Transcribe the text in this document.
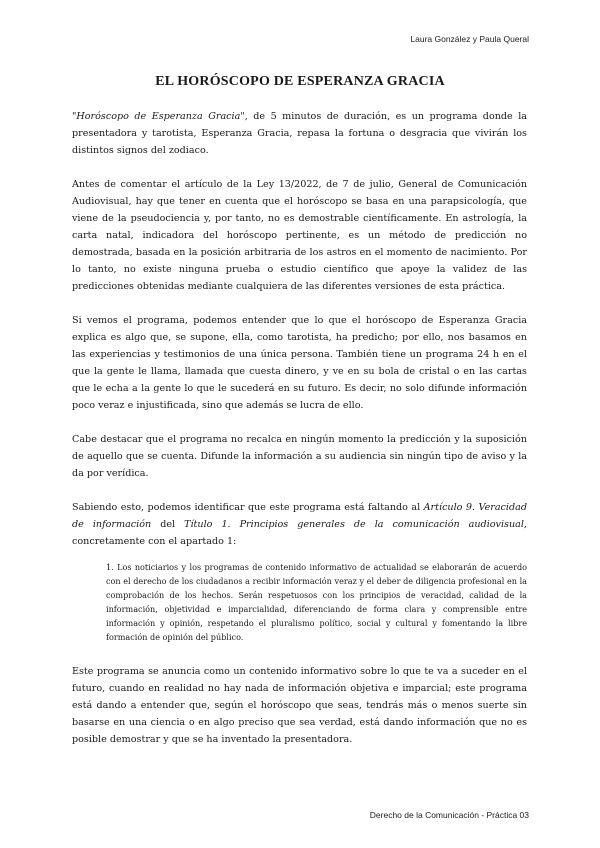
Laura González y Paula Queral
EL HORÓSCOPO DE ESPERANZA GRACIA

"Horóscopo de Esperanza Gracia", de 5 minutos de duración, es un programa donde la presentadora y tarotista, Esperanza Gracia, repasa la fortuna o desgracia que vivirán los distintos signos del zodiaco.

Antes de comentar el artículo de la Ley 13/2022, de 7 de julio, General de Comunicación Audiovisual, hay que tener en cuenta que el horóscopo se basa en una parapsicología, que viene de la pseudociencia y, por tanto, no es demostrable científicamente. En astrología, la carta natal, indicadora del horóscopo pertinente, es un método de predicción no demostrada, basada en la posición arbitraria de los astros en el momento de nacimiento. Por lo tanto, no existe ninguna prueba o estudio científico que apoye la validez de las predicciones obtenidas mediante cualquiera de las diferentes versiones de esta práctica.

Si vemos el programa, podemos entender que lo que el horóscopo de Esperanza Gracia explica es algo que, se supone, ella, como tarotista, ha predicho; por ello, nos basamos en las experiencias y testimonios de una única persona. También tiene un programa 24 h en el que la gente le llama, llamada que cuesta dinero, y ve en su bola de cristal o en las cartas que le echa a la gente lo que le sucederá en su futuro. Es decir, no solo difunde información poco veraz e injustificada, sino que además se lucra de ello.

Cabe destacar que el programa no recalca en ningún momento la predicción y la suposición de aquello que se cuenta. Difunde la información a su audiencia sin ningún tipo de aviso y la da por verídica.

Sabiendo esto, podemos identificar que este programa está faltando al Artículo 9. Veracidad de información del Título 1. Principios generales de la comunicación audiovisual, concretamente con el apartado 1:

1. Los noticiarios y los programas de contenido informativo de actualidad se elaborarán de acuerdo con el derecho de los ciudadanos a recibir información veraz y el deber de diligencia profesional en la comprobación de los hechos. Serán respetuosos con los principios de veracidad, calidad de la información, objetividad e imparcialidad, diferenciando de forma clara y comprensible entre información y opinión, respetando el pluralismo político, social y cultural y fomentando la libre formación de opinión del público.

Este programa se anuncia como un contenido informativo sobre lo que te va a suceder en el futuro, cuando en realidad no hay nada de información objetiva e imparcial; este programa está dando a entender que, según el horóscopo que seas, tendrás más o menos suerte sin basarse en una ciencia o en algo preciso que sea verdad, está dando información que no es posible demostrar y que se ha inventado la presentadora.

Derecho de la Comunicación - Práctica 03
